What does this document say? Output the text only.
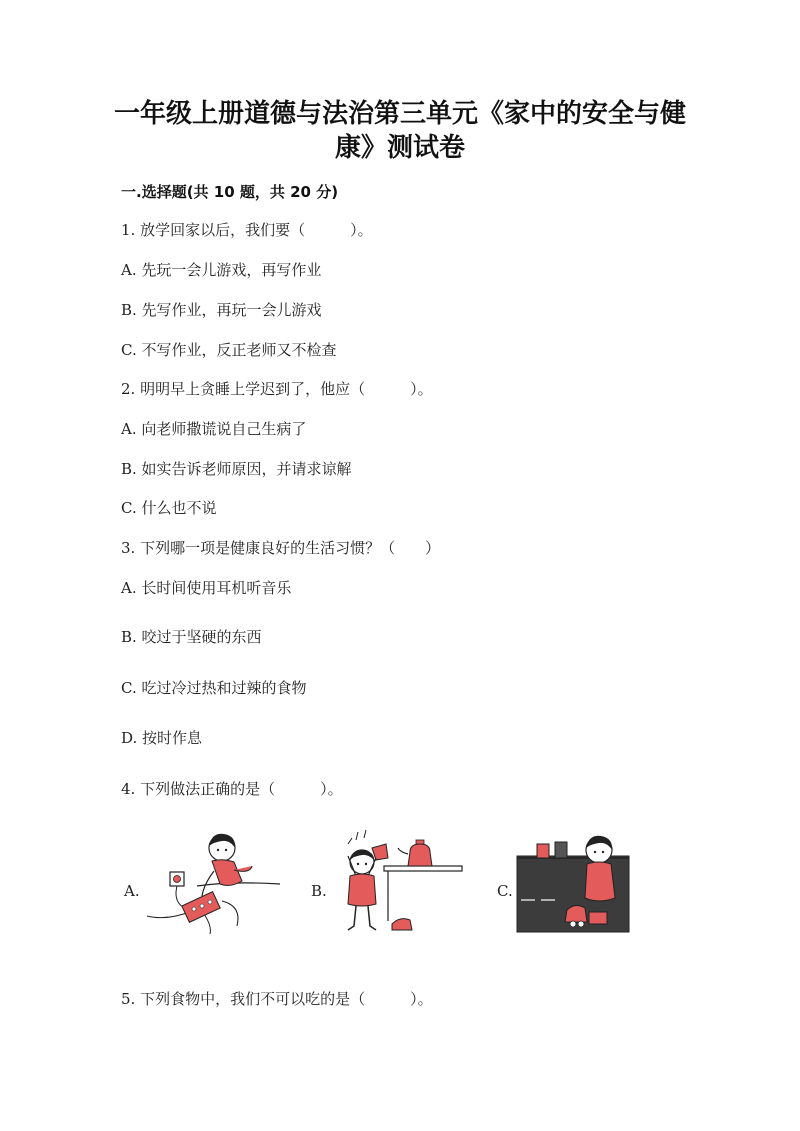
一年级上册道德与法治第三单元《家中的安全与健
康》测试卷
一.选择题(共 10 题，共 20 分)
1. 放学回家以后，我们要（　　　）。
A. 先玩一会儿游戏，再写作业
B. 先写作业，再玩一会儿游戏
C. 不写作业，反正老师又不检查
2. 明明早上贪睡上学迟到了，他应（　　　）。
A. 向老师撒谎说自己生病了
B. 如实告诉老师原因，并请求谅解
C. 什么也不说
3. 下列哪一项是健康良好的生活习惯？（　　）
A. 长时间使用耳机听音乐
B. 咬过于坚硬的东西
C. 吃过冷过热和过辣的食物
D. 按时作息
4. 下列做法正确的是（　　　）。
A.	B.	C.
5. 下列食物中，我们不可以吃的是（　　　）。
